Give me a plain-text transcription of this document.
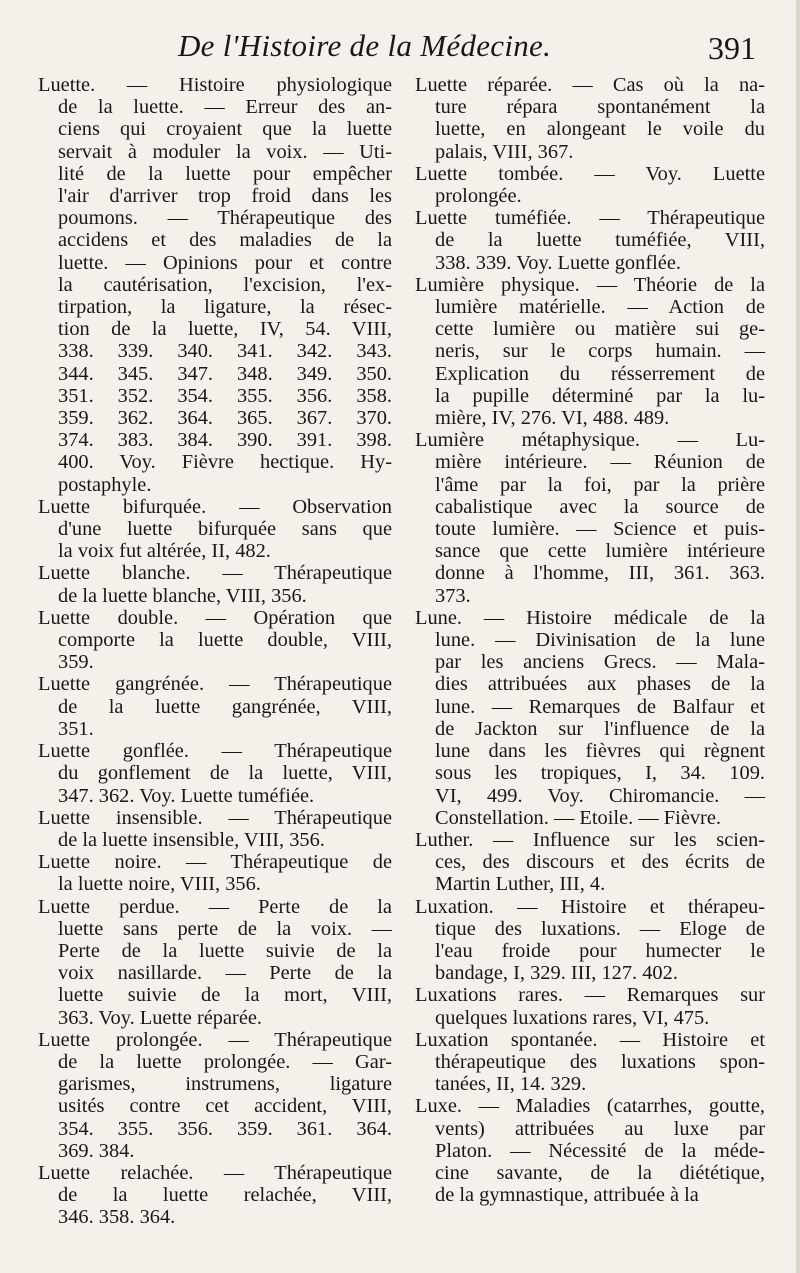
De l'Histoire de la Médecine.	391
Luette. — Histoire physiologique
de la luette. — Erreur des an-
ciens qui croyaient que la luette
servait à moduler la voix. — Uti-
lité de la luette pour empêcher
l'air d'arriver trop froid dans les
poumons. — Thérapeutique des
accidens et des maladies de la
luette. — Opinions pour et contre
la cautérisation, l'excision, l'ex-
tirpation, la ligature, la résec-
tion de la luette, IV, 54. VIII,
338. 339. 340. 341. 342. 343.
344. 345. 347. 348. 349. 350.
351. 352. 354. 355. 356. 358.
359. 362. 364. 365. 367. 370.
374. 383. 384. 390. 391. 398.
400. Voy. Fièvre hectique. Hy-
postaphyle.
Luette bifurquée. — Observation
d'une luette bifurquée sans que
la voix fut altérée, II, 482.
Luette blanche. — Thérapeutique
de la luette blanche, VIII, 356.
Luette double. — Opération que
comporte la luette double, VIII,
359.
Luette gangrénée. — Thérapeutique
de la luette gangrénée, VIII,
351.
Luette gonflée. — Thérapeutique
du gonflement de la luette, VIII,
347. 362. Voy. Luette tuméfiée.
Luette insensible. — Thérapeutique
de la luette insensible, VIII, 356.
Luette noire. — Thérapeutique de
la luette noire, VIII, 356.
Luette perdue. — Perte de la
luette sans perte de la voix. —
Perte de la luette suivie de la
voix nasillarde. — Perte de la
luette suivie de la mort, VIII,
363. Voy. Luette réparée.
Luette prolongée. — Thérapeutique
de la luette prolongée. — Gar-
garismes, instrumens, ligature
usités contre cet accident, VIII,
354. 355. 356. 359. 361. 364.
369. 384.
Luette relachée. — Thérapeutique
de la luette relachée, VIII,
346. 358. 364.
Luette réparée. — Cas où la na-
ture répara spontanément la
luette, en alongeant le voile du
palais, VIII, 367.
Luette tombée. — Voy. Luette
prolongée.
Luette tuméfiée. — Thérapeutique
de la luette tuméfiée, VIII,
338. 339. Voy. Luette gonflée.
Lumière physique. — Théorie de la
lumière matérielle. — Action de
cette lumière ou matière sui ge-
neris, sur le corps humain. —
Explication du résserrement de
la pupille déterminé par la lu-
mière, IV, 276. VI, 488. 489.
Lumière métaphysique. — Lu-
mière intérieure. — Réunion de
l'âme par la foi, par la prière
cabalistique avec la source de
toute lumière. — Science et puis-
sance que cette lumière intérieure
donne à l'homme, III, 361. 363.
373.
Lune. — Histoire médicale de la
lune. — Divinisation de la lune
par les anciens Grecs. — Mala-
dies attribuées aux phases de la
lune. — Remarques de Balfaur et
de Jackton sur l'influence de la
lune dans les fièvres qui règnent
sous les tropiques, I, 34. 109.
VI, 499. Voy. Chiromancie. —
Constellation. — Etoile. — Fièvre.
Luther. — Influence sur les scien-
ces, des discours et des écrits de
Martin Luther, III, 4.
Luxation. — Histoire et thérapeu-
tique des luxations. — Eloge de
l'eau froide pour humecter le
bandage, I, 329. III, 127. 402.
Luxations rares. — Remarques sur
quelques luxations rares, VI, 475.
Luxation spontanée. — Histoire et
thérapeutique des luxations spon-
tanées, II, 14. 329.
Luxe. — Maladies (catarrhes, goutte,
vents) attribuées au luxe par
Platon. — Nécessité de la méde-
cine savante, de la diététique,
de la gymnastique, attribuée à la
